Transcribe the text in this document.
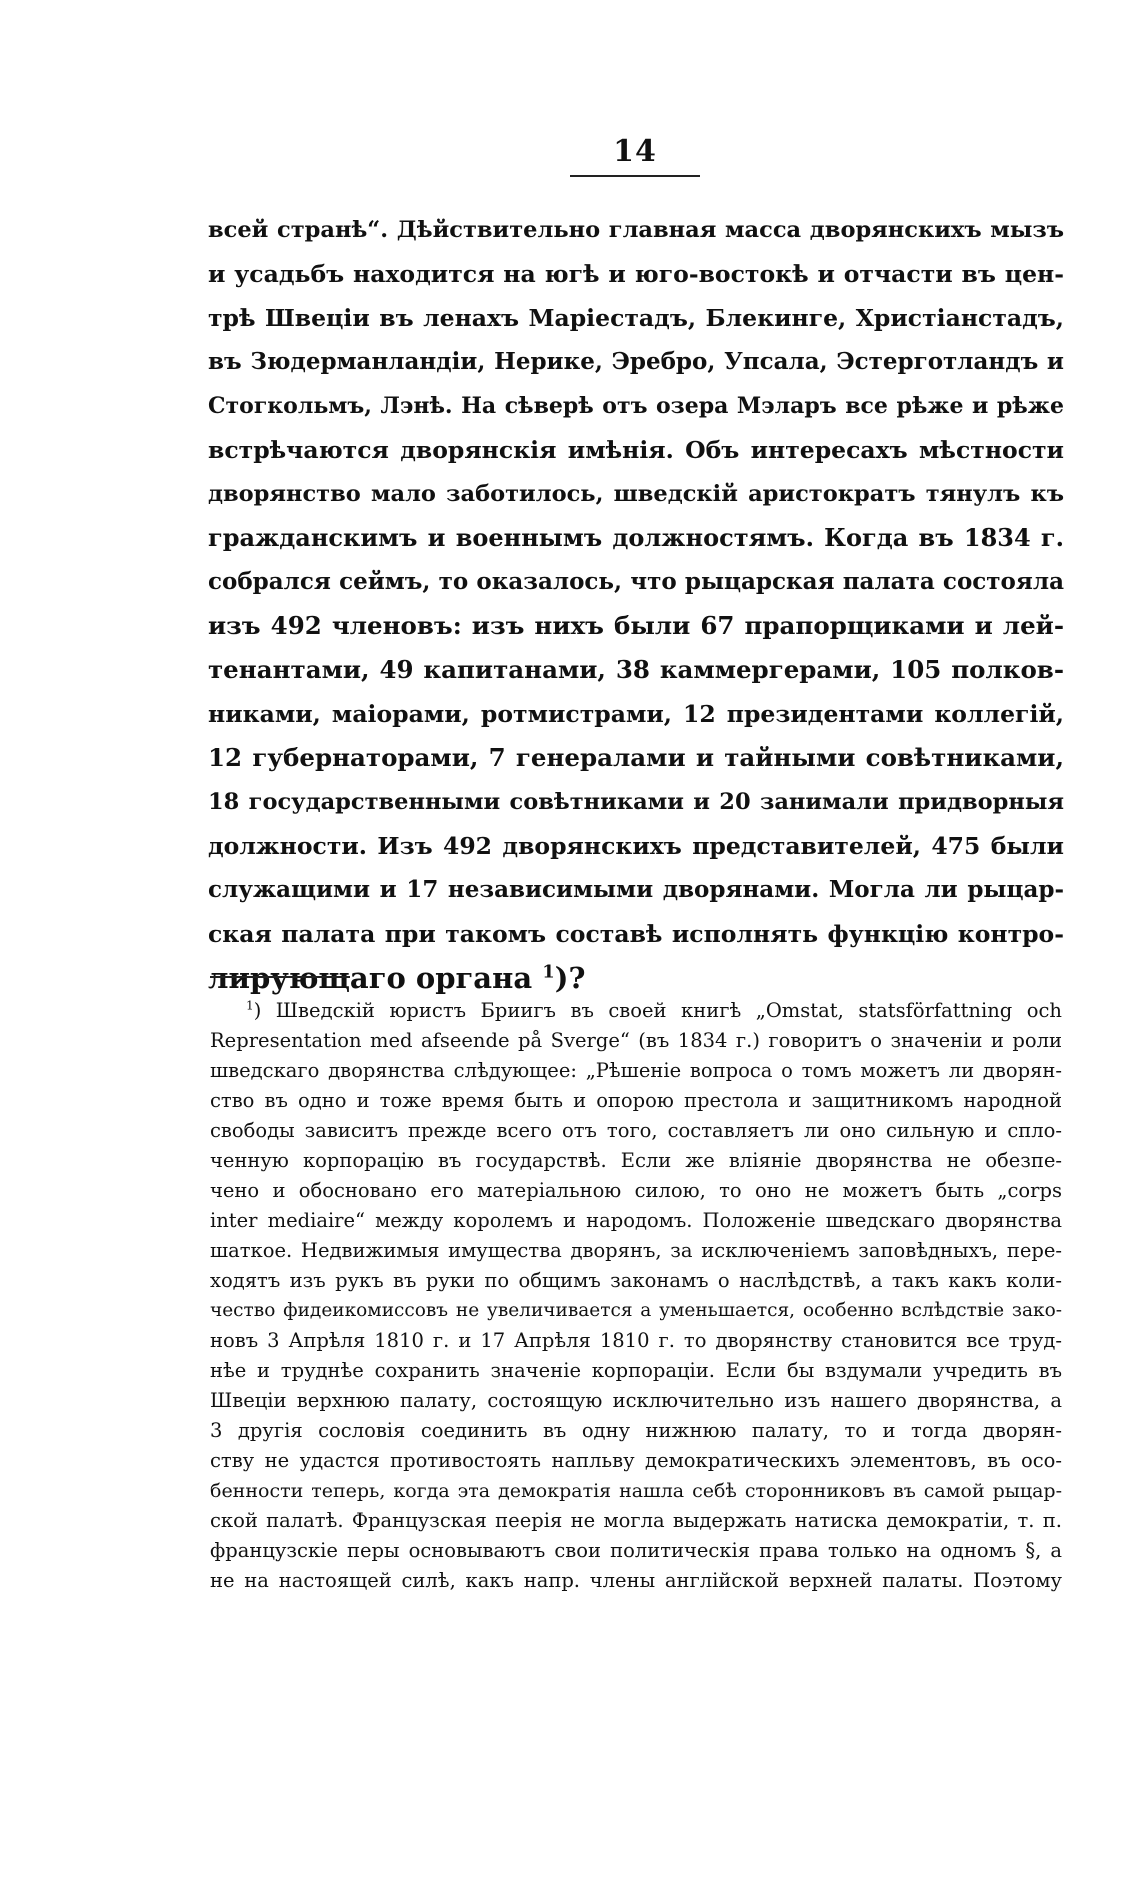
14
всей странѣ“. Дѣйствительно главная масса дворянскихъ мызъ
и усадьбъ находится на югѣ и юго-востокѣ и отчасти въ цен-
трѣ Швеціи въ ленахъ Маріестадъ, Блекинге, Христіанстадъ,
въ Зюдерманландіи, Нерике, Эребро, Упсала, Эстерготландъ и
Стогкольмъ, Лэнѣ. На сѣверѣ отъ озера Мэларъ все рѣже и рѣже
встрѣчаются дворянскія имѣнія. Объ интересахъ мѣстности
дворянство мало заботилось, шведскій аристократъ тянулъ къ
гражданскимъ и военнымъ должностямъ. Когда въ 1834 г.
собрался сеймъ, то оказалось, что рыцарская палата состояла
изъ 492 членовъ: изъ нихъ были 67 прапорщиками и лей-
тенантами, 49 капитанами, 38 каммергерами, 105 полков-
никами, маіорами, ротмистрами, 12 президентами коллегій,
12 губернаторами, 7 генералами и тайными совѣтниками,
18 государственными совѣтниками и 20 занимали придворныя
должности. Изъ 492 дворянскихъ представителей, 475 были
служащими и 17 независимыми дворянами. Могла ли рыцар-
ская палата при такомъ составѣ исполнять функцію контро-
лирующаго органа $^1$)?
$^1$) Шведскій юристъ Бриигъ въ своей книгѣ „Omstat, statsförfattning och
Representation med afseende på Sverge“ (въ 1834 г.) говоритъ о значеніи и роли
шведскаго дворянства слѣдующее: „Рѣшеніе вопроса о томъ можетъ ли дворян-
ство въ одно и тоже время быть и опорою престола и защитникомъ народной
свободы зависитъ прежде всего отъ того, составляетъ ли оно сильную и спло-
ченную корпорацію въ государствѣ. Если же вліяніе дворянства не обезпе-
чено и обосновано его матеріальною силою, то оно не можетъ быть „corps
inter mediaire“ между королемъ и народомъ. Положеніе шведскаго дворянства
шаткое. Недвижимыя имущества дворянъ, за исключеніемъ заповѣдныхъ, пере-
ходятъ изъ рукъ въ руки по общимъ законамъ о наслѣдствѣ, а такъ какъ коли-
чество фидеикомиссовъ не увеличивается а уменьшается, особенно вслѣдствіе зако-
новъ 3 Апрѣля 1810 г. и 17 Апрѣля 1810 г. то дворянству становится все труд-
нѣе и труднѣе сохранить значеніе корпораціи. Если бы вздумали учредить въ
Швеціи верхнюю палату, состоящую исключительно изъ нашего дворянства, а
3 другія сословія соединить въ одну нижнюю палату, то и тогда дворян-
ству не удастся противостоять напльву демократическихъ элементовъ, въ осо-
бенности теперь, когда эта демократія нашла себѣ сторонниковъ въ самой рыцар-
ской палатѣ. Французская пеерія не могла выдержать натиска демократіи, т. п.
французскіе перы основываютъ свои политическія права только на одномъ §, а
не на настоящей силѣ, какъ напр. члены англійской верхней палаты. Поэтому
